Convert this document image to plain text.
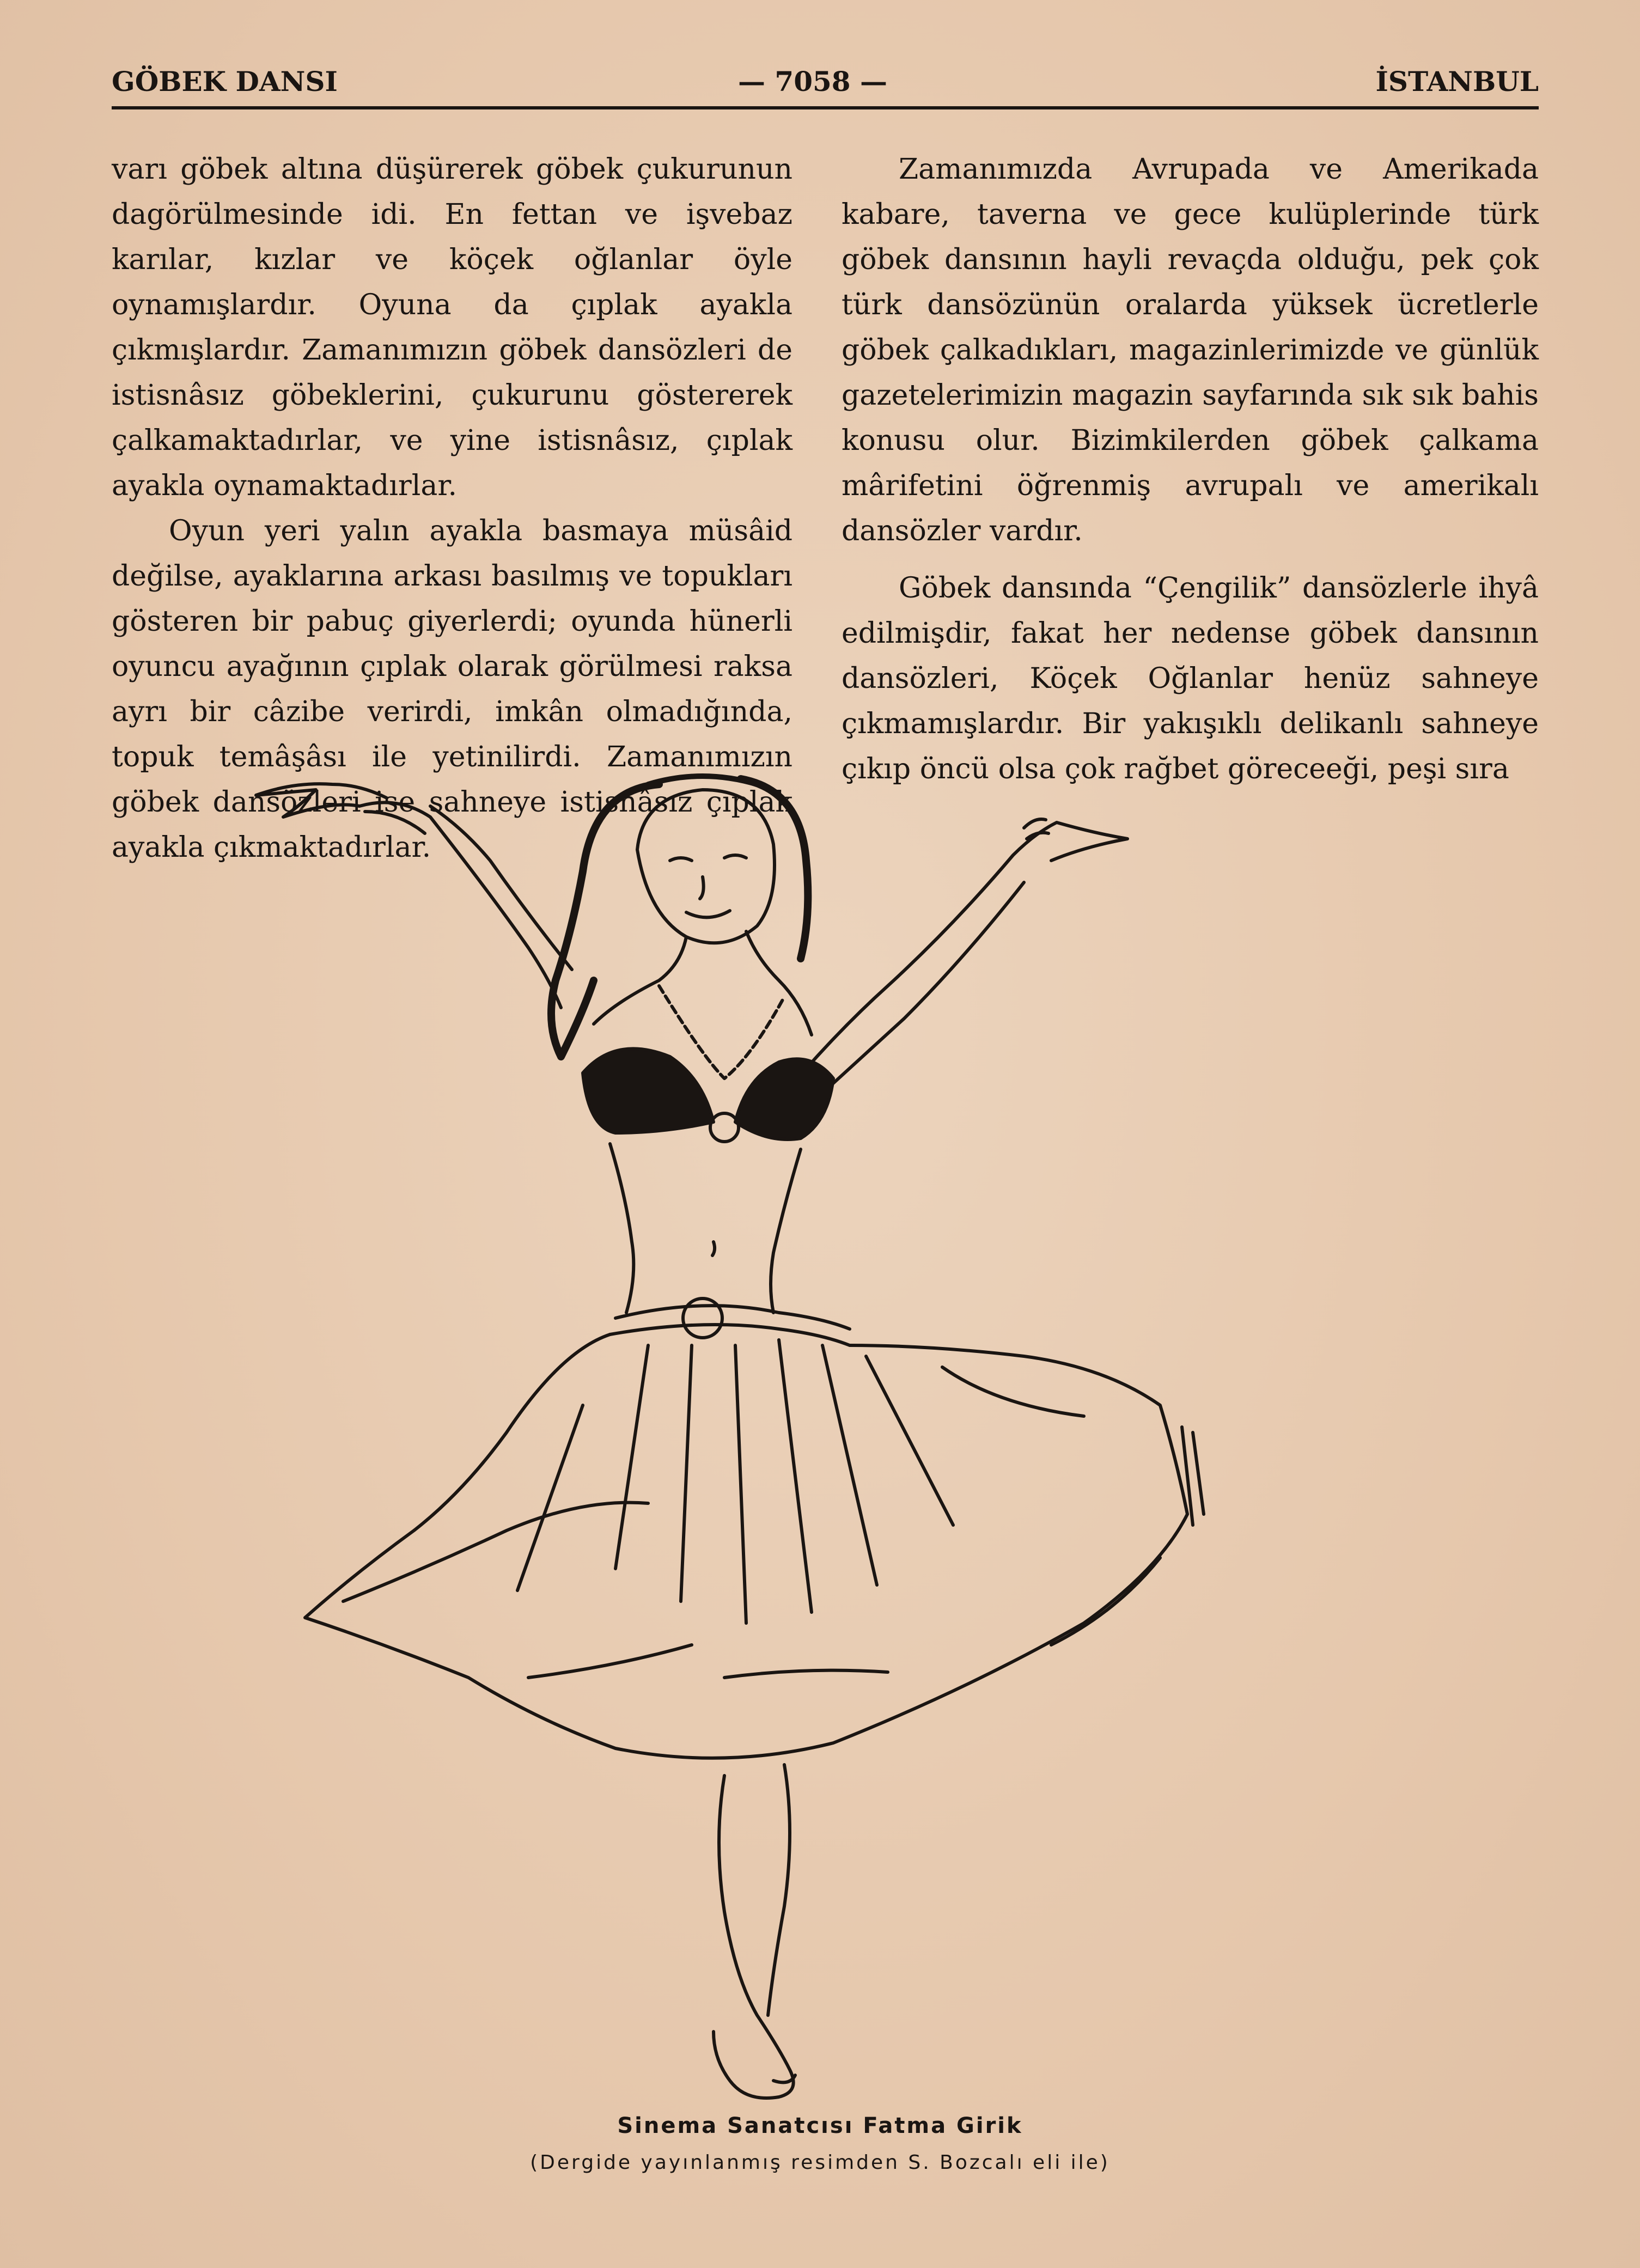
GÖBEK DANSI	— 7058 —	İSTANBUL

varı göbek altına düşürerek göbek çukurunun dagörülmesinde idi. En fettan ve işvebaz karılar, kızlar ve köçek oğlanlar öyle oynamışlardır. Oyuna da çıplak ayakla çıkmışlardır. Zamanımızın göbek dansözleri de istisnâsız göbeklerini, çukurunu göstererek çalkamaktadırlar, ve yine istisnâsız, çıplak ayakla oynamaktadırlar.

Oyun yeri yalın ayakla basmaya müsâid değilse, ayaklarına arkası basılmış ve topukları gösteren bir pabuç giyerlerdi; oyunda hünerli oyuncu ayağının çıplak olarak görülmesi raksa ayrı bir câzibe verirdi, imkân olmadığında, topuk temâşâsı ile yetinilirdi. Zamanımızın göbek dansözleri ise sahneye istisnâsız çıplak ayakla çıkmaktadırlar.

Zamanımızda Avrupada ve Amerikada kabare, taverna ve gece kulüplerinde türk göbek dansının hayli revaçda olduğu, pek çok türk dansözünün oralarda yüksek ücretlerle göbek çalkadıkları, magazinlerimizde ve günlük gazetelerimizin magazin sayfarında sık sık bahis konusu olur. Bizimkilerden göbek çalkama mârifetini öğrenmiş avrupalı ve amerikalı dansözler vardır.

Göbek dansında “Çengilik” dansözlerle ihyâ edilmişdir, fakat her nedense göbek dansının dansözleri, Köçek Oğlanlar henüz sahneye çıkmamışlardır. Bir yakışıklı delikanlı sahneye çıkıp öncü olsa çok rağbet göreceeği, peşi sıra

Sinema Sanatcısı Fatma Girik
(Dergide yayınlanmış resimden S. Bozcalı eli ile)
